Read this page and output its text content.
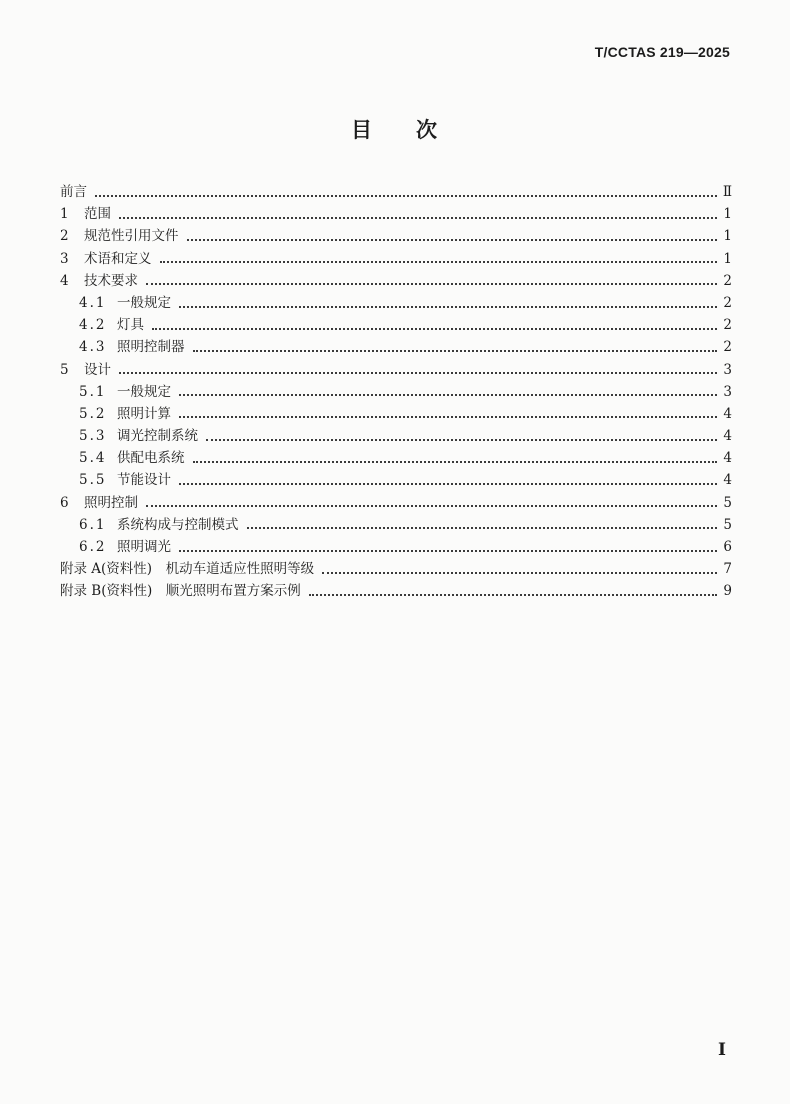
T/CCTAS 219—2025
目 次
前言	Ⅱ
1	范围	1
2	规范性引用文件	1
3	术语和定义	1
4	技术要求	2
4.1 一般规定	2
4.2 灯具	2
4.3 照明控制器	2
5	设计	3
5.1 一般规定	3
5.2 照明计算	4
5.3 调光控制系统	4
5.4 供配电系统	4
5.5 节能设计	4
6	照明控制	5
6.1 系统构成与控制模式	5
6.2 照明调光	6
附录 A(资料性)　机动车道适应性照明等级	7
附录 B(资料性)　顺光照明布置方案示例	9
I
